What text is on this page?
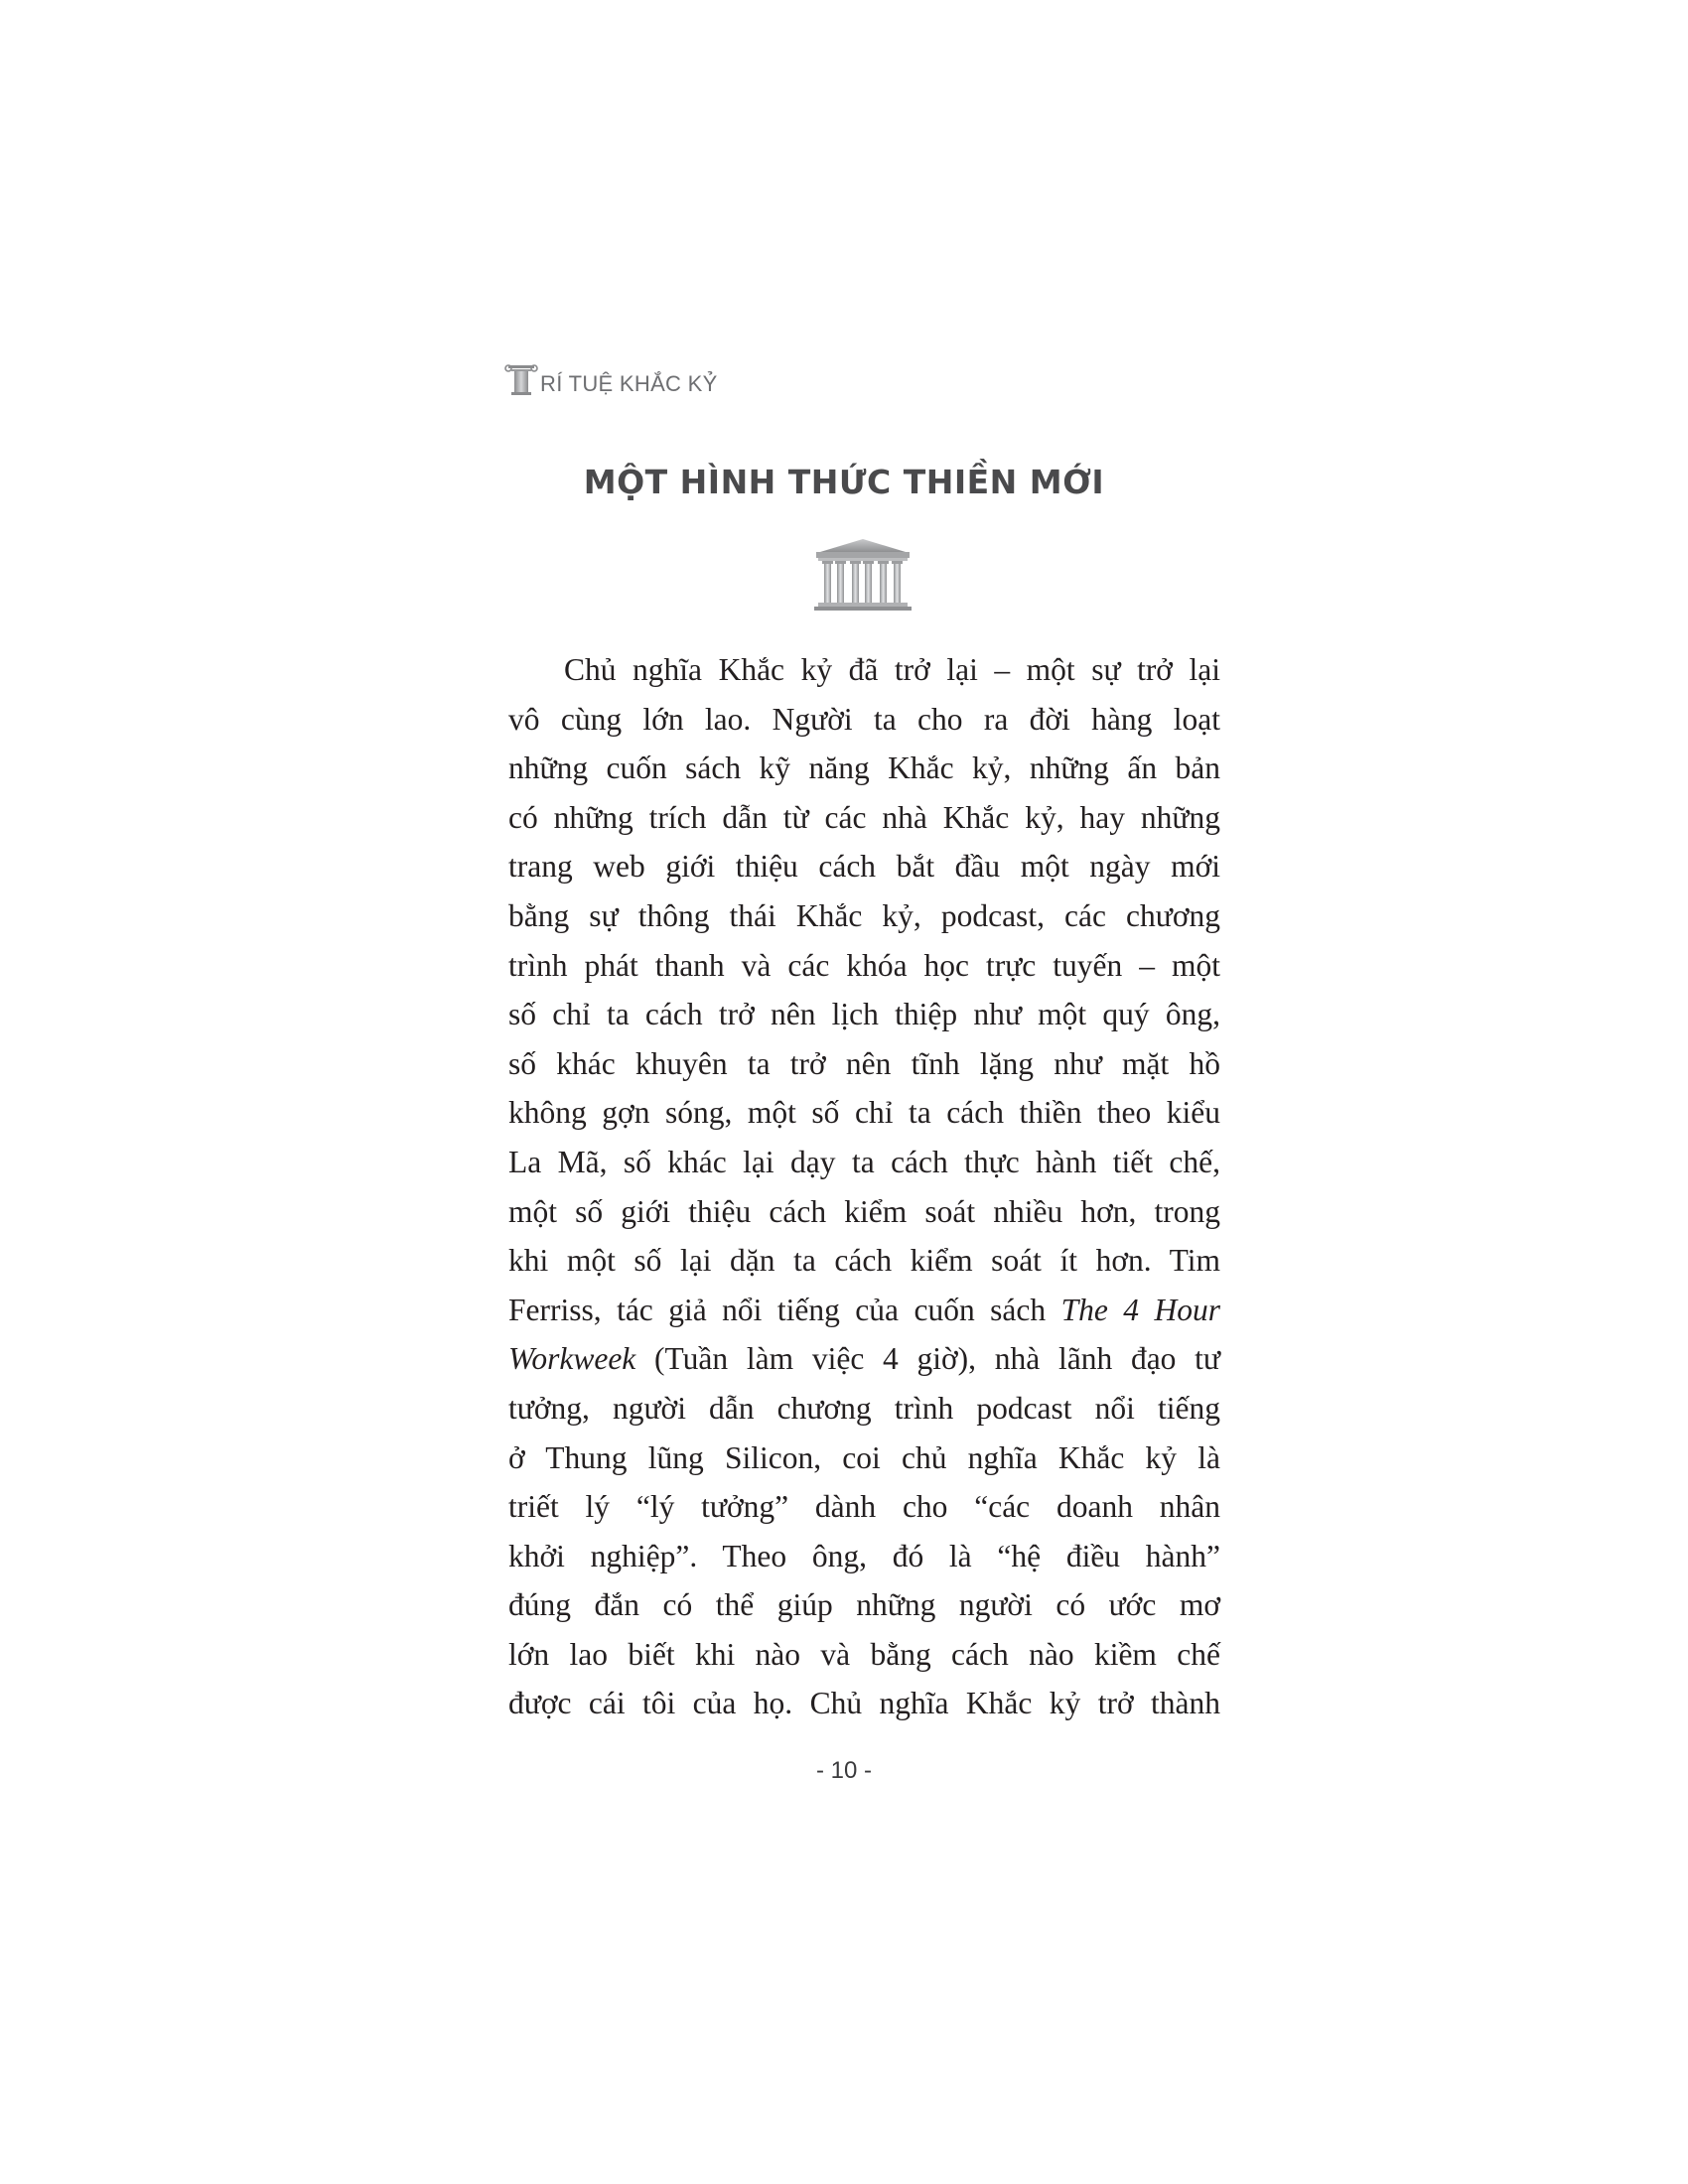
RÍ TUỆ KHẮC KỶ
MỘT HÌNH THỨC THIỀN MỚI
Chủ nghĩa Khắc kỷ đã trở lại – một sự trở lại
vô cùng lớn lao. Người ta cho ra đời hàng loạt
những cuốn sách kỹ năng Khắc kỷ, những ấn bản
có những trích dẫn từ các nhà Khắc kỷ, hay những
trang web giới thiệu cách bắt đầu một ngày mới
bằng sự thông thái Khắc kỷ, podcast, các chương
trình phát thanh và các khóa học trực tuyến – một
số chỉ ta cách trở nên lịch thiệp như một quý ông,
số khác khuyên ta trở nên tĩnh lặng như mặt hồ
không gợn sóng, một số chỉ ta cách thiền theo kiểu
La Mã, số khác lại dạy ta cách thực hành tiết chế,
một số giới thiệu cách kiểm soát nhiều hơn, trong
khi một số lại dặn ta cách kiểm soát ít hơn. Tim
Ferriss, tác giả nổi tiếng của cuốn sách The 4 Hour
Workweek (Tuần làm việc 4 giờ), nhà lãnh đạo tư
tưởng, người dẫn chương trình podcast nổi tiếng
ở Thung lũng Silicon, coi chủ nghĩa Khắc kỷ là
triết lý “lý tưởng” dành cho “các doanh nhân
khởi nghiệp”. Theo ông, đó là “hệ điều hành”
đúng đắn có thể giúp những người có ước mơ
lớn lao biết khi nào và bằng cách nào kiềm chế
được cái tôi của họ. Chủ nghĩa Khắc kỷ trở thành
- 10 -
